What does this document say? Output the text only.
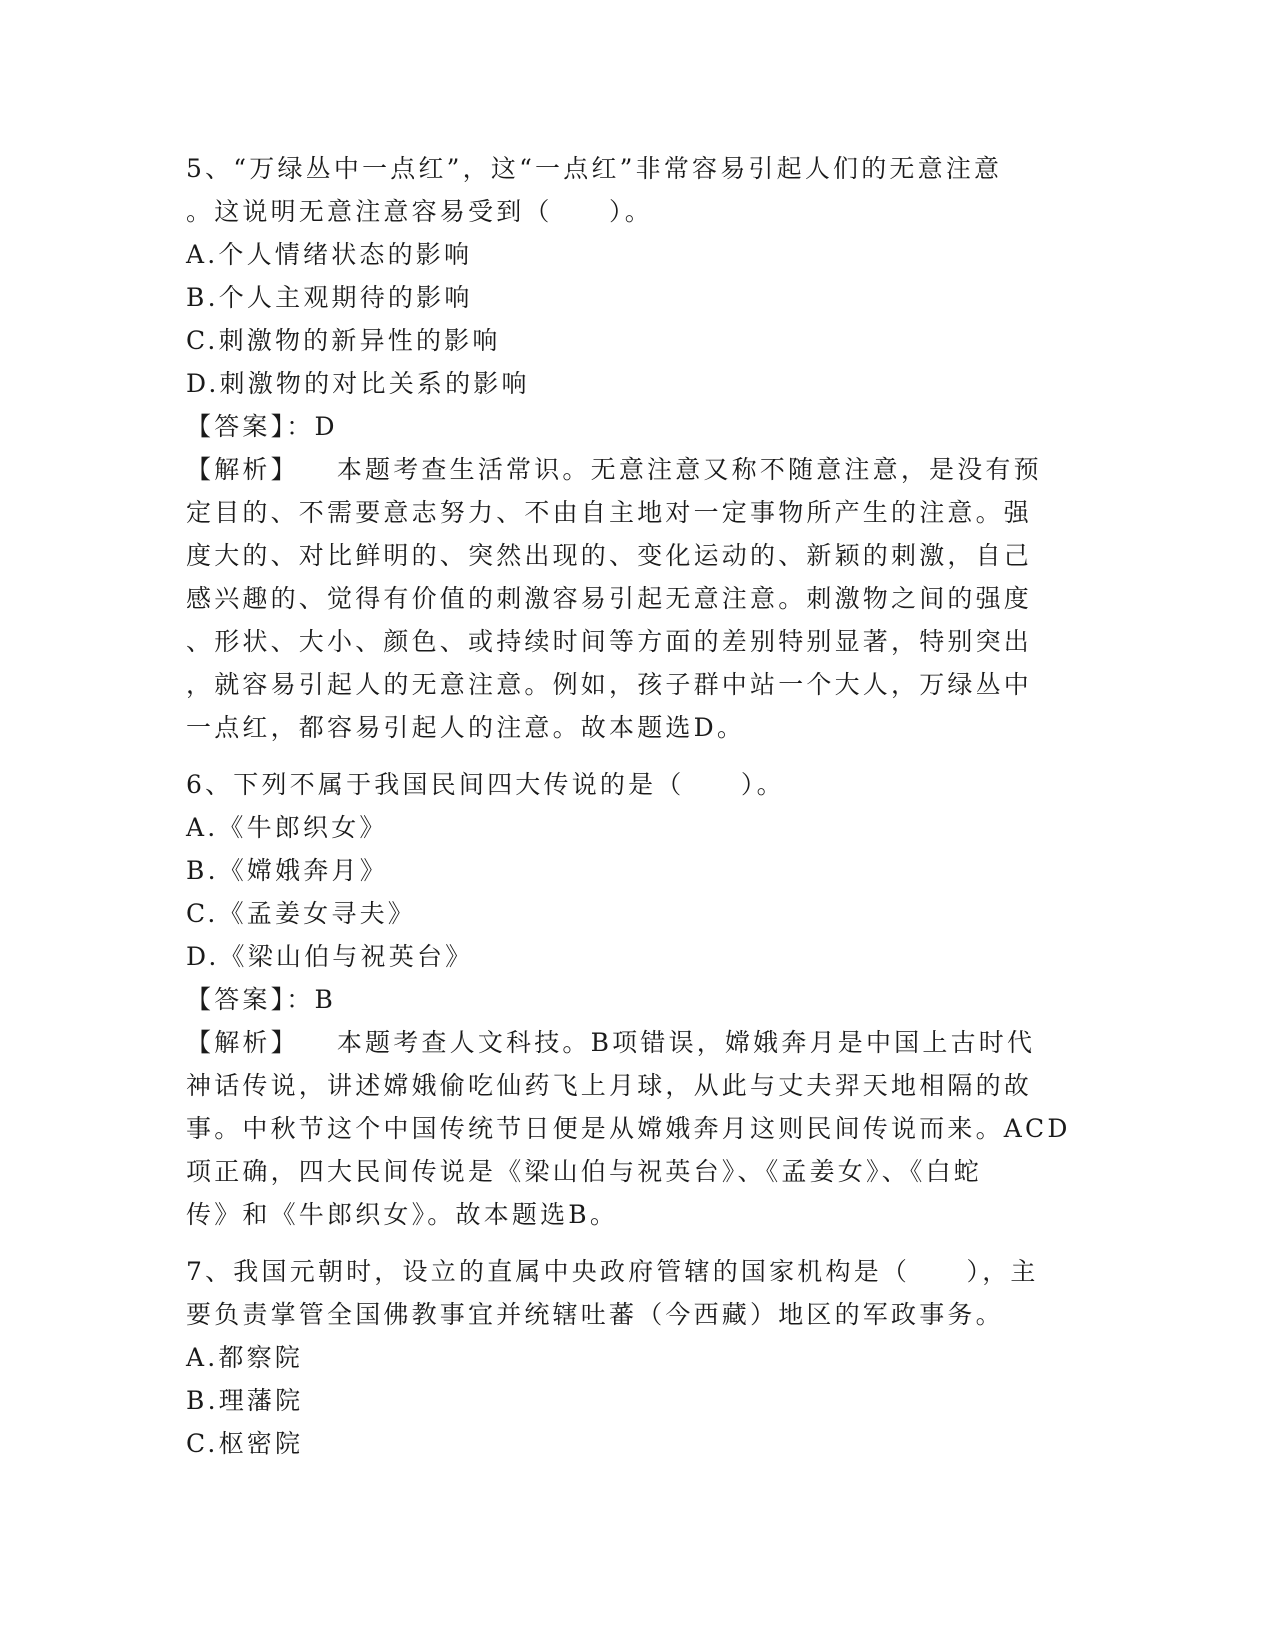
5、“万绿丛中一点红”，这“一点红”非常容易引起人们的无意注意

。这说明无意注意容易受到（　　）。

A.个人情绪状态的影响

B.个人主观期待的影响

C.刺激物的新异性的影响

D.刺激物的对比关系的影响

【答案】：D

【解析】 本题考查生活常识。无意注意又称不随意注意，是没有预

定目的、不需要意志努力、不由自主地对一定事物所产生的注意。强

度大的、对比鲜明的、突然出现的、变化运动的、新颖的刺激，自己

感兴趣的、觉得有价值的刺激容易引起无意注意。刺激物之间的强度

、形状、大小、颜色、或持续时间等方面的差别特别显著，特别突出

，就容易引起人的无意注意。例如，孩子群中站一个大人，万绿丛中

一点红，都容易引起人的注意。故本题选D。

6、下列不属于我国民间四大传说的是（　　）。

A.《牛郎织女》

B.《嫦娥奔月》

C.《孟姜女寻夫》

D.《梁山伯与祝英台》

【答案】：B

【解析】 本题考查人文科技。B项错误，嫦娥奔月是中国上古时代

神话传说，讲述嫦娥偷吃仙药飞上月球，从此与丈夫羿天地相隔的故

事。中秋节这个中国传统节日便是从嫦娥奔月这则民间传说而来。ACD

项正确，四大民间传说是《梁山伯与祝英台》、《孟姜女》、《白蛇

传》和《牛郎织女》。故本题选B。

7、我国元朝时，设立的直属中央政府管辖的国家机构是（　　），主

要负责掌管全国佛教事宜并统辖吐蕃（今西藏）地区的军政事务。

A.都察院

B.理藩院

C.枢密院
